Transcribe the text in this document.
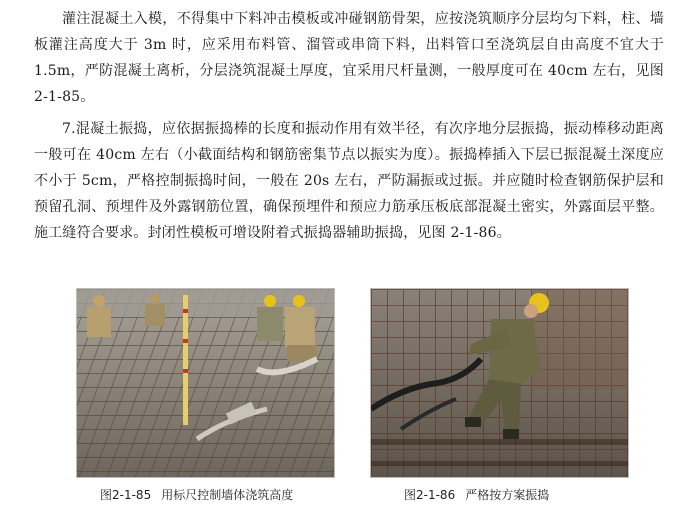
灌注混凝土入模，不得集中下料冲击模板或冲碰钢筋骨架，应按浇筑顺序分层均匀下料，柱、墙板灌注高度大于 3m 时，应采用布料管、溜管或串筒下料，出料管口至浇筑层自由高度不宜大于 1.5m，严防混凝土离析，分层浇筑混凝土厚度，宜采用尺杆量测，一般厚度可在 40cm 左右，见图 2-1-85。

7.混凝土振捣，应依据振捣棒的长度和振动作用有效半径，有次序地分层振捣，振动棒移动距离一般可在 40cm 左右（小截面结构和钢筋密集节点以振实为度）。振捣棒插入下层已振混凝土深度应不小于 5cm，严格控制振捣时间，一般在 20s 左右，严防漏振或过振。并应随时检查钢筋保护层和预留孔洞、预埋件及外露钢筋位置，确保预埋件和预应力筋承压板底部混凝土密实，外露面层平整。施工缝符合要求。封闭性模板可增设附着式振捣器辅助振捣，见图 2-1-86。

图2-1-85 用标尺控制墙体浇筑高度	图2-1-86 严格按方案振捣
